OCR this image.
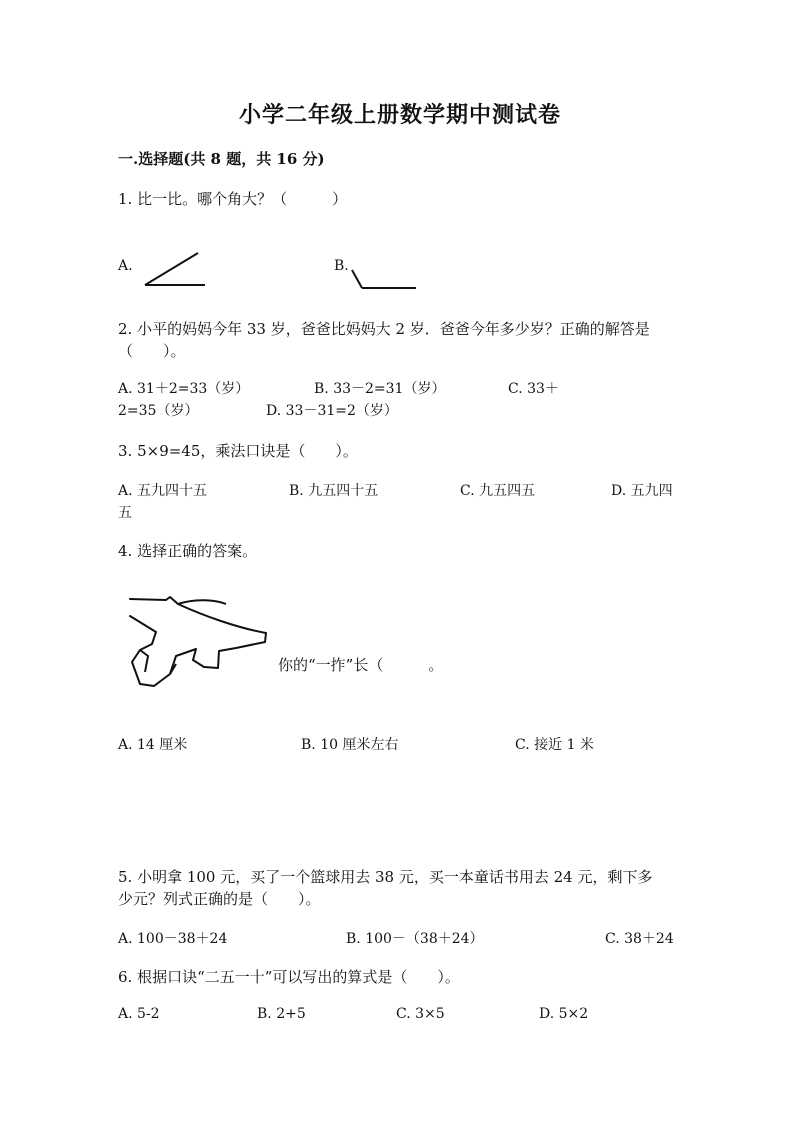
小学二年级上册数学期中测试卷
一.选择题(共 8 题，共 16 分)
1. 比一比。哪个角大？（　　　）
A.	B.
2. 小平的妈妈今年 33 岁，爸爸比妈妈大 2 岁．爸爸今年多少岁？正确的解答是
（　　）。
A. 31＋2=33（岁）	B. 33－2=31（岁）	C. 33＋
2=35（岁）	D. 33－31=2（岁）
3. 5×9=45，乘法口诀是（　　）。
A. 五九四十五	B. 九五四十五	C. 九五四五	D. 五九四
五
4. 选择正确的答案。
你的“一拃”长（　　　。
A. 14 厘米	B. 10 厘米左右	C. 接近 1 米
5. 小明拿 100 元，买了一个篮球用去 38 元，买一本童话书用去 24 元，剩下多
少元？列式正确的是（　　）。
A. 100－38＋24	B. 100－（38＋24）	C. 38＋24
6. 根据口诀“二五一十”可以写出的算式是（　　）。
A. 5-2	B. 2+5	C. 3×5	D. 5×2
